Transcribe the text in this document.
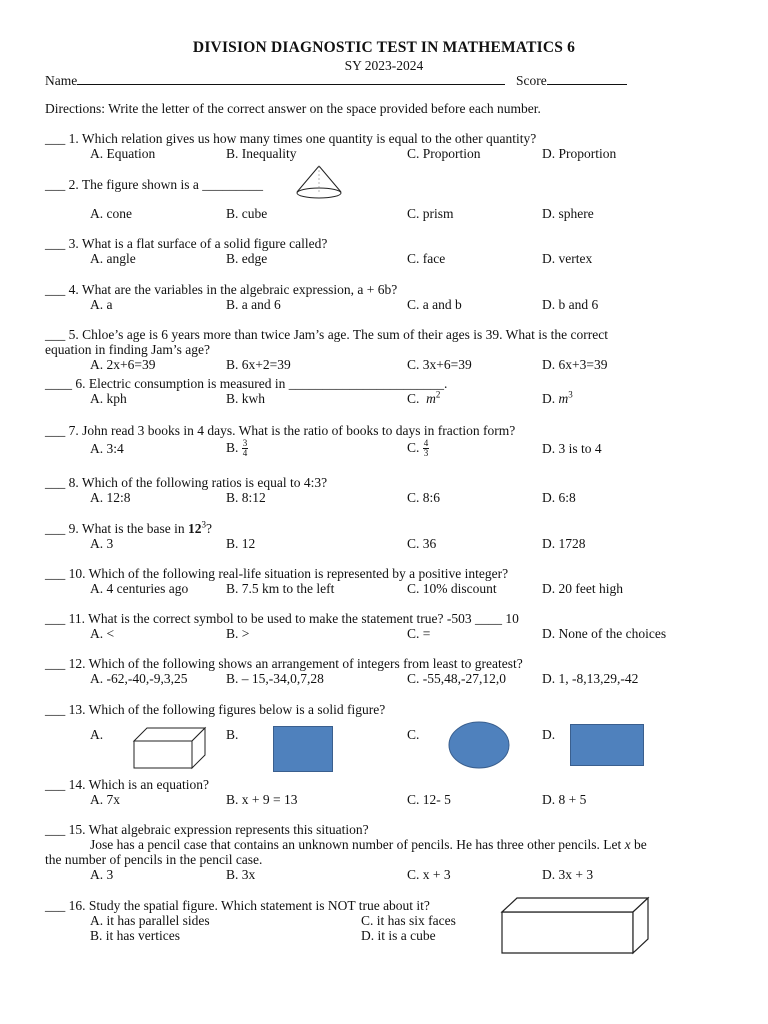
DIVISION DIAGNOSTIC TEST IN MATHEMATICS 6
SY 2023-2024
Name	Score
Directions: Write the letter of the correct answer on the space provided before each number.
___ 1. Which relation gives us how many times one quantity is equal to the other quantity?
A. Equation	B. Inequality	C. Proportion	D. Proportion
___ 2. The figure shown is a _________
A. cone	B. cube	C. prism	D. sphere
___ 3. What is a flat surface of a solid figure called?
A. angle	B. edge	C. face	D. vertex
___ 4. What are the variables in the algebraic expression, a + 6b?
A. a	B. a and 6	C. a and b	D. b and 6
___ 5. Chloe’s age is 6 years more than twice Jam’s age. The sum of their ages is 39. What is the correct
equation in finding Jam’s age?
A. 2x+6=39	B. 6x+2=39	C. 3x+6=39	D. 6x+3=39
____ 6. Electric consumption is measured in _______________________.
A. kph	B. kwh	C. $m^2$	D. $m^3$
___ 7. John read 3 books in 4 days. What is the ratio of books to days in fraction form?
A. 3:4	B. $\frac{3}{4}$	C. $\frac{4}{3}$	D. 3 is to 4
___ 8. Which of the following ratios is equal to 4:3?
A. 12:8	B. 8:12	C. 8:6	D. 6:8
___ 9. What is the base in $12^3$?
A. 3	B. 12	C. 36	D. 1728
___ 10. Which of the following real-life situation is represented by a positive integer?
A. 4 centuries ago	B. 7.5 km to the left	C. 10% discount	D. 20 feet high
___ 11. What is the correct symbol to be used to make the statement true? -503 ____ 10
A. <	B. >	C. =	D. None of the choices
___ 12. Which of the following shows an arrangement of integers from least to greatest?
A. -62,-40,-9,3,25	B. – 15,-34,0,7,28	C. -55,48,-27,12,0	D. 1, -8,13,29,-42
___ 13. Which of the following figures below is a solid figure?
A.	B.	C.	D.
___ 14. Which is an equation?
A. 7x	B. x + 9 = 13	C. 12- 5	D. 8 + 5
___ 15. What algebraic expression represents this situation?
Jose has a pencil case that contains an unknown number of pencils. He has three other pencils. Let x be
the number of pencils in the pencil case.
A. 3	B. 3x	C. x + 3	D. 3x + 3
___ 16. Study the spatial figure. Which statement is NOT true about it?
A. it has parallel sides	C. it has six faces
B. it has vertices	D. it is a cube
